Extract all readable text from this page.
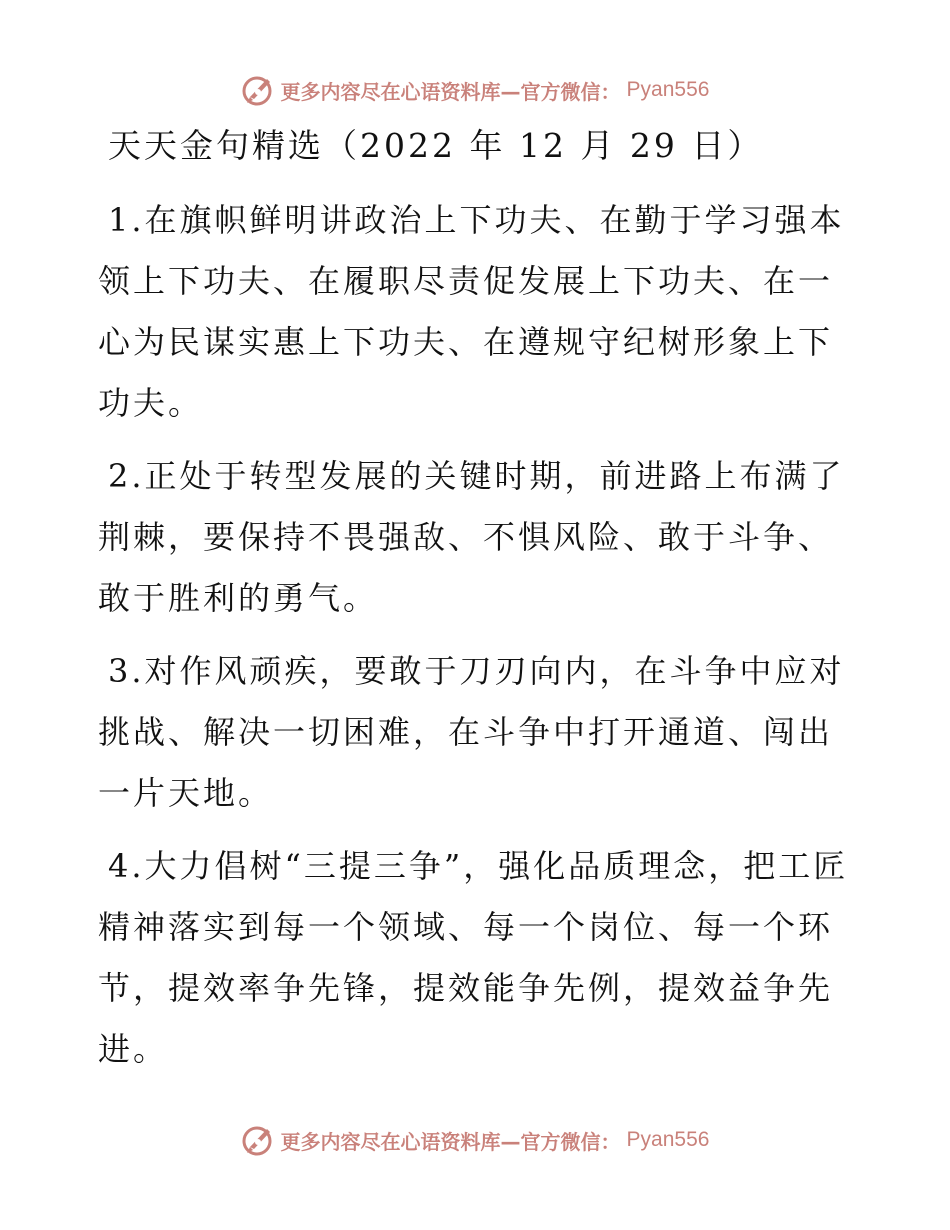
更多内容尽在心语资料库—官方微信： Pyan556
天天金句精选（2022 年 12 月 29 日）

1.在旗帜鲜明讲政治上下功夫、在勤于学习强本领上下功夫、在履职尽责促发展上下功夫、在一心为民谋实惠上下功夫、在遵规守纪树形象上下功夫。

2.正处于转型发展的关键时期，前进路上布满了荆棘，要保持不畏强敌、不惧风险、敢于斗争、敢于胜利的勇气。

3.对作风顽疾，要敢于刀刃向内，在斗争中应对挑战、解决一切困难，在斗争中打开通道、闯出一片天地。

4.大力倡树“三提三争”，强化品质理念，把工匠精神落实到每一个领域、每一个岗位、每一个环节，提效率争先锋，提效能争先例，提效益争先进。

更多内容尽在心语资料库—官方微信： Pyan556
